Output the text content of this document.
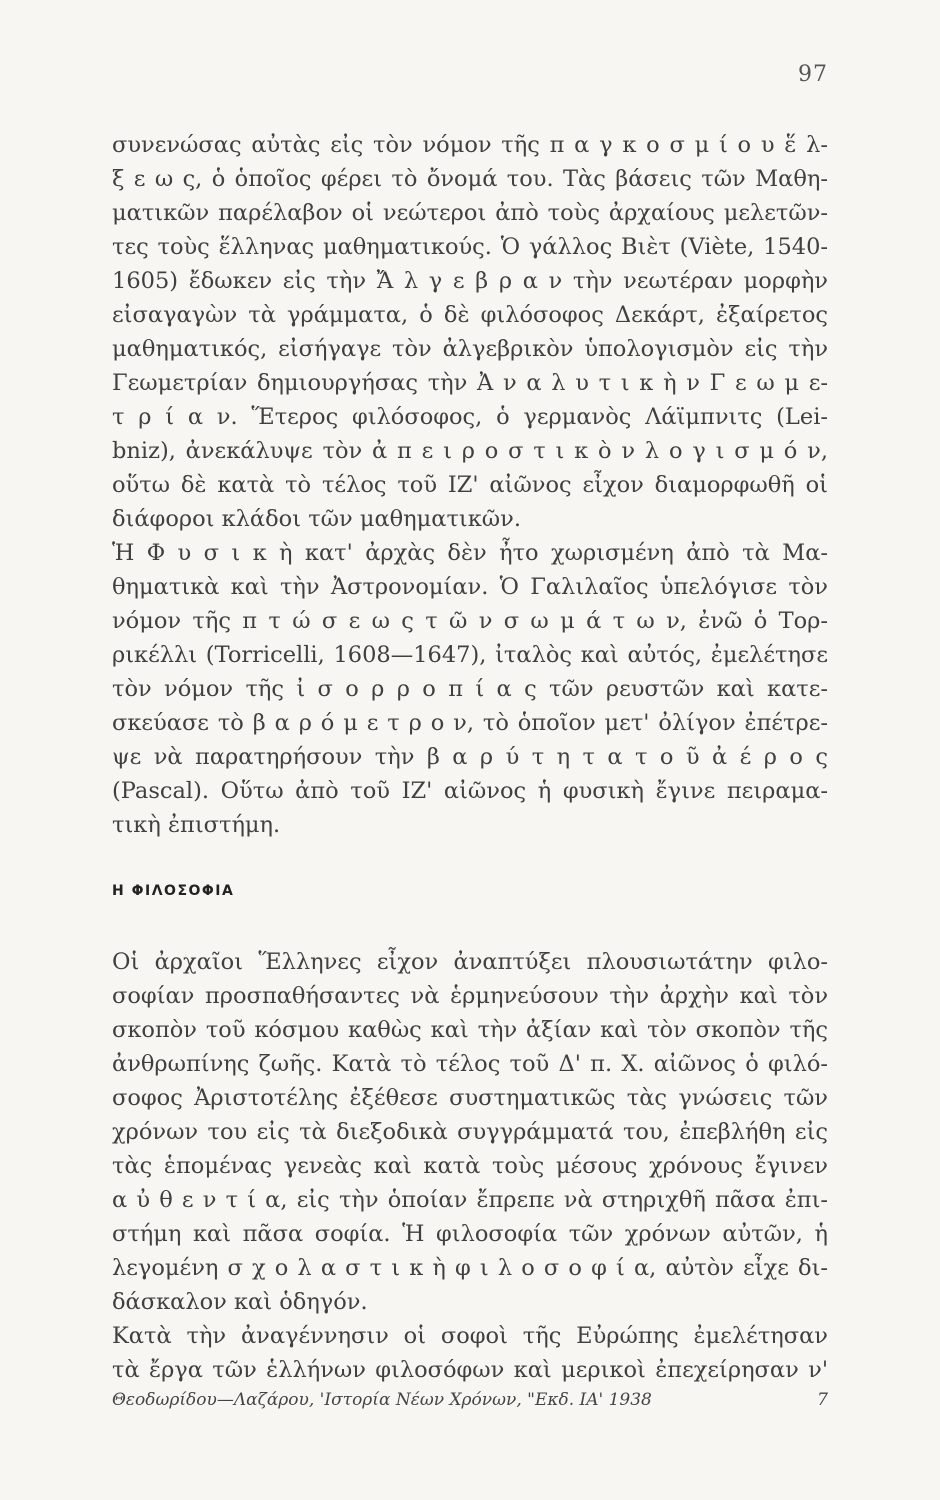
97
συνενώσας αὐτὰς εἰς τὸν νόμον τῆς π α γ κ ο σ μ ί ο υ ἕ λ-
ξ ε ω ς, ὁ ὁποῖος φέρει τὸ ὄνομά του. Τὰς βάσεις τῶν Μαθη-
ματικῶν παρέλαβον οἱ νεώτεροι ἀπὸ τοὺς ἀρχαίους μελετῶν-
τες τοὺς ἕλληνας μαθηματικούς. Ὁ γάλλος Βιὲτ (Viète, 1540-
1605) ἔδωκεν εἰς τὴν Ἄ λ γ ε β ρ α ν τὴν νεωτέραν μορφὴν
εἰσαγαγὼν τὰ γράμματα, ὁ δὲ φιλόσοφος Δεκάρτ, ἐξαίρετος
μαθηματικός, εἰσήγαγε τὸν ἀλγεβρικὸν ὑπολογισμὸν εἰς τὴν
Γεωμετρίαν δημιουργήσας τὴν Ἀ ν α λ υ τ ι κ ὴ ν Γ ε ω μ ε-
τ ρ ί α ν. Ἕτερος φιλόσοφος, ὁ γερμανὸς Λάϊμπνιτς (Lei-
bniz), ἀνεκάλυψε τὸν ἀ π ε ι ρ ο σ τ ι κ ὸ ν λ ο γ ι σ μ ό ν,
οὕτω δὲ κατὰ τὸ τέλος τοῦ ΙΖ' αἰῶνος εἶχον διαμορφωθῆ οἱ
διάφοροι κλάδοι τῶν μαθηματικῶν.
Ἡ Φ υ σ ι κ ὴ κατ' ἀρχὰς δὲν ἦτο χωρισμένη ἀπὸ τὰ Μα-
θηματικὰ καὶ τὴν Ἀστρονομίαν. Ὁ Γαλιλαῖος ὑπελόγισε τὸν
νόμον τῆς π τ ώ σ ε ω ς τ ῶ ν σ ω μ ά τ ω ν, ἐνῶ ὁ Τορ-
ρικέλλι (Torricelli, 1608—1647), ἰταλὸς καὶ αὐτός, ἐμελέτησε
τὸν νόμον τῆς ἰ σ ο ρ ρ ο π ί α ς τῶν ρευστῶν καὶ κατε-
σκεύασε τὸ β α ρ ό μ ε τ ρ ο ν, τὸ ὁποῖον μετ' ὀλίγον ἐπέτρε-
ψε νὰ παρατηρήσουν τὴν β α ρ ύ τ η τ α τ ο ῦ ἀ έ ρ ο ς
(Pascal). Οὕτω ἀπὸ τοῦ ΙΖ' αἰῶνος ἡ φυσικὴ ἔγινε πειραμα-
τικὴ ἐπιστήμη.
Η ΦΙΛΟΣΟΦΙΑ
Οἱ ἀρχαῖοι Ἕλληνες εἶχον ἀναπτύξει πλουσιωτάτην φιλο-
σοφίαν προσπαθήσαντες νὰ ἑρμηνεύσουν τὴν ἀρχὴν καὶ τὸν
σκοπὸν τοῦ κόσμου καθὼς καὶ τὴν ἀξίαν καὶ τὸν σκοπὸν τῆς
ἀνθρωπίνης ζωῆς. Κατὰ τὸ τέλος τοῦ Δ' π. Χ. αἰῶνος ὁ φιλό-
σοφος Ἀριστοτέλης ἐξέθεσε συστηματικῶς τὰς γνώσεις τῶν
χρόνων του εἰς τὰ διεξοδικὰ συγγράμματά του, ἐπεβλήθη εἰς
τὰς ἑπομένας γενεὰς καὶ κατὰ τοὺς μέσους χρόνους ἔγινεν
α ὐ θ ε ν τ ί α, εἰς τὴν ὁποίαν ἔπρεπε νὰ στηριχθῆ πᾶσα ἐπι-
στήμη καὶ πᾶσα σοφία. Ἡ φιλοσοφία τῶν χρόνων αὐτῶν, ἡ
λεγομένη σ χ ο λ α σ τ ι κ ὴ φ ι λ ο σ ο φ ί α, αὐτὸν εἶχε δι-
δάσκαλον καὶ ὁδηγόν.
Κατὰ τὴν ἀναγέννησιν οἱ σοφοὶ τῆς Εὐρώπης ἐμελέτησαν
τὰ ἔργα τῶν ἑλλήνων φιλοσόφων καὶ μερικοὶ ἐπεχείρησαν ν'
Θεοδωρίδου—Λαζάρου, 'Ιστορία Νέων Χρόνων, "Εκδ. ΙΑ' 1938	7
